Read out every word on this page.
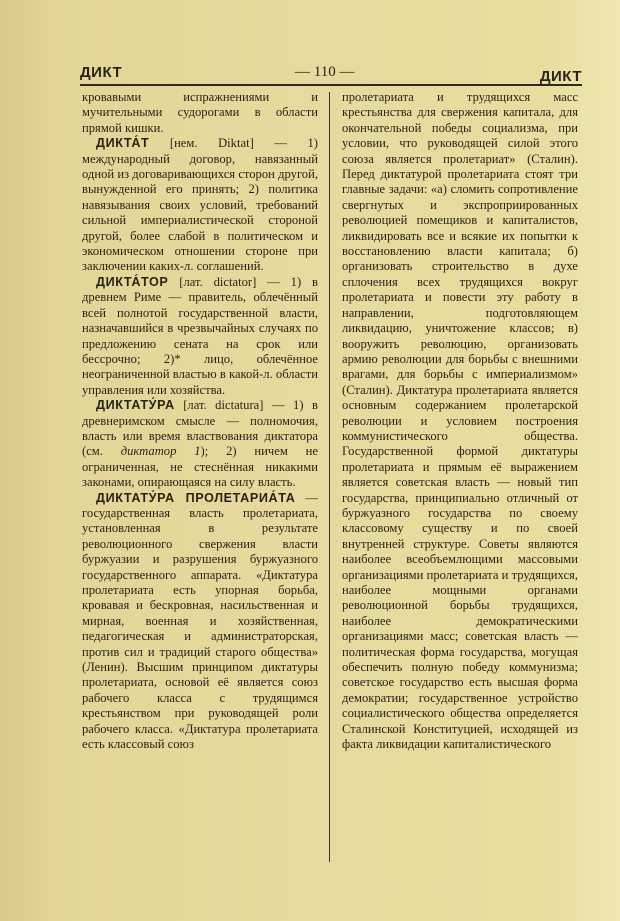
ДИКТ	— 110 —	ДИКТ

кровавыми испражнениями и мучительными судорогами в области прямой кишки.

ДИКТА́Т [нем. Diktat] — 1) международный договор, навязанный одной из договаривающихся сторон другой, вынужденной его принять; 2) политика навязывания своих условий, требований сильной империалистической стороной другой, более слабой в политическом и экономическом отношении стороне при заключении каких-л. соглашений.

ДИКТА́ТОР [лат. dictator] — 1) в древнем Риме — правитель, облечённый всей полнотой государственной власти, назначавшийся в чрезвычайных случаях по предложению сената на срок или бессрочно; 2)* лицо, облечённое неограниченной властью в какой-л. области управления или хозяйства.

ДИКТАТУ́РА [лат. dictatura] — 1) в древнеримском смысле — полномочия, власть или время властвования диктатора (см. диктатор 1); 2) ничем не ограниченная, не стеснённая никакими законами, опирающаяся на силу власть.

ДИКТАТУ́РА ПРОЛЕТАРИА́ТА — государственная власть пролетариата, установленная в результате революционного свержения власти буржуазии и разрушения буржуазного государственного аппарата. «Диктатура пролетариата есть упорная борьба, кровавая и бескровная, насильственная и мирная, военная и хозяйственная, педагогическая и администраторская, против сил и традиций старого общества» (Ленин). Высшим принципом диктатуры пролетариата, основой её является союз рабочего класса с трудящимся крестьянством при руководящей роли рабочего класса. «Диктатура пролетариата есть классовый союз

пролетариата и трудящихся масс крестьянства для свержения капитала, для окончательной победы социализма, при условии, что руководящей силой этого союза является пролетариат» (Сталин). Перед диктатурой пролетариата стоят три главные задачи: «а) сломить сопротивление свергнутых и экспроприированных революцией помещиков и капиталистов, ликвидировать все и всякие их попытки к восстановлению власти капитала; б) организовать строительство в духе сплочения всех трудящихся вокруг пролетариата и повести эту работу в направлении, подготовляющем ликвидацию, уничтожение классов; в) вооружить революцию, организовать армию революции для борьбы с внешними врагами, для борьбы с империализмом» (Сталин). Диктатура пролетариата является основным содержанием пролетарской революции и условием построения коммунистического общества. Государственной формой диктатуры пролетариата и прямым её выражением является советская власть — новый тип государства, принципиально отличный от буржуазного государства по своему классовому существу и по своей внутренней структуре. Советы являются наиболее всеобъемлющими массовыми организациями пролетариата и трудящихся, наиболее мощными органами революционной борьбы трудящихся, наиболее демократическими организациями масс; советская власть — политическая форма государства, могущая обеспечить полную победу коммунизма; советское государство есть высшая форма демократии; государственное устройство социалистического общества определяется Сталинской Конституцией, исходящей из факта ликвидации капиталистического
